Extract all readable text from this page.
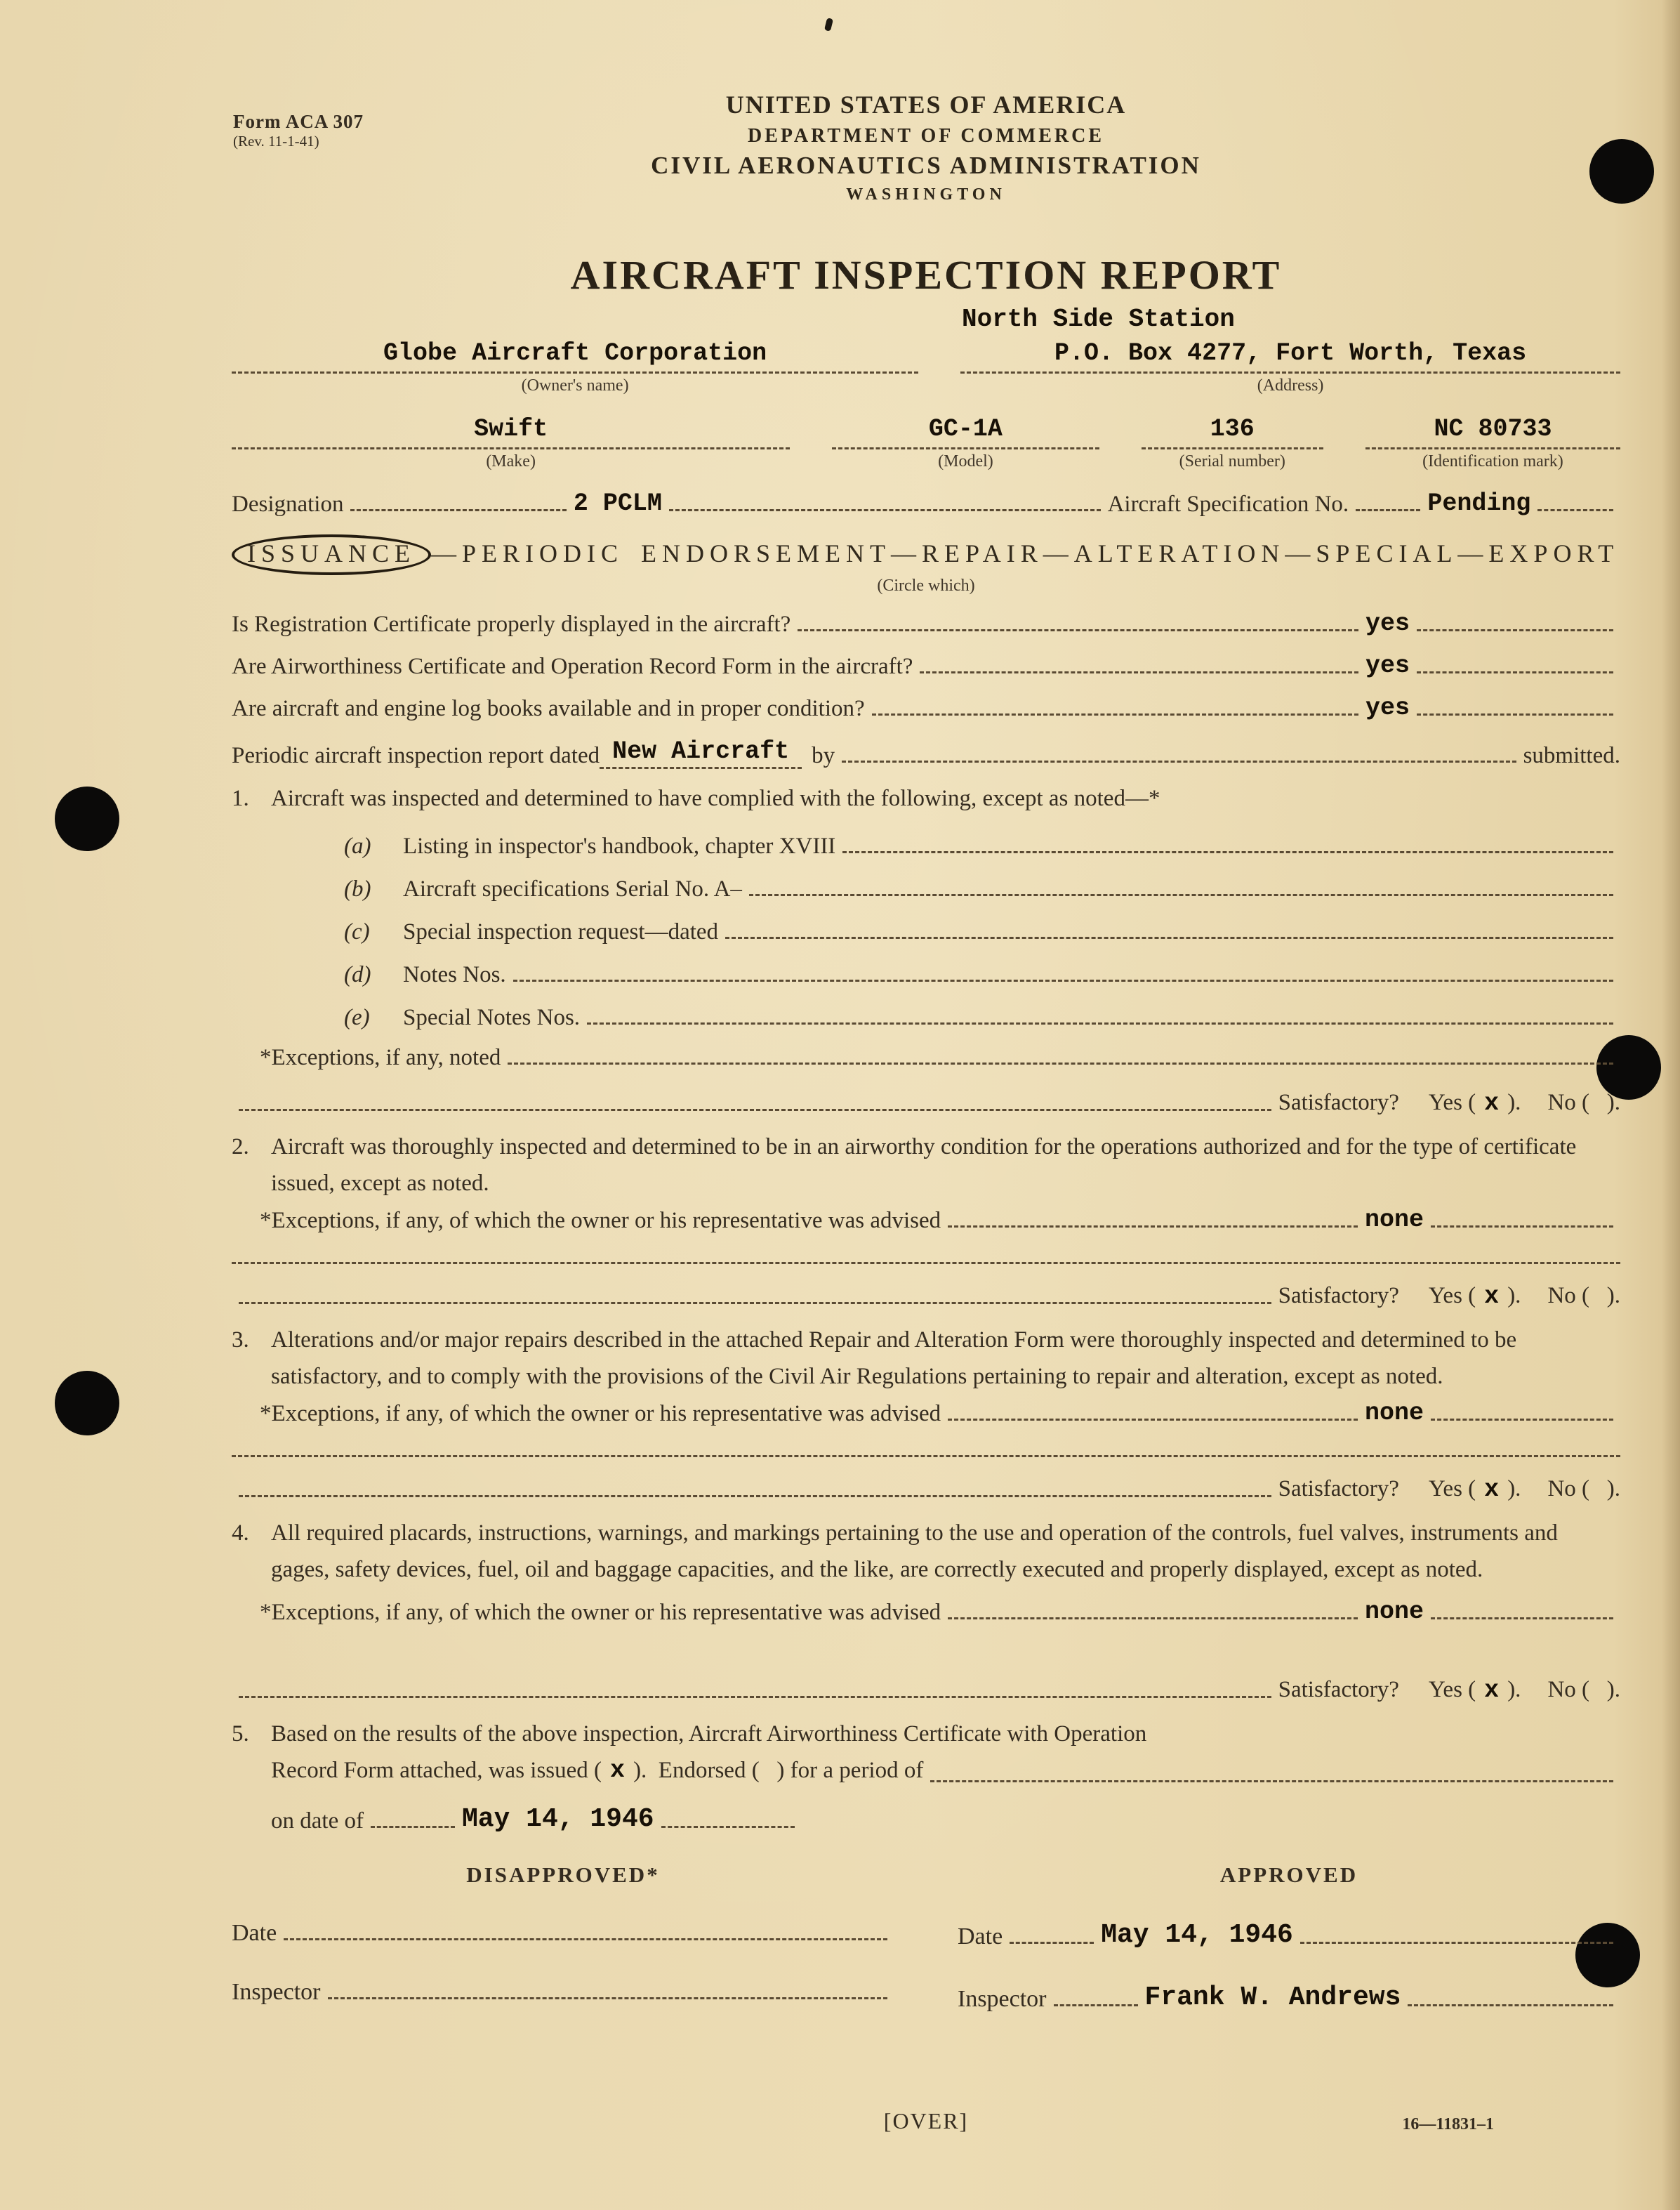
Form ACA 307
(Rev. 11-1-41)
UNITED STATES OF AMERICA
DEPARTMENT OF COMMERCE
CIVIL AERONAUTICS ADMINISTRATION
WASHINGTON
AIRCRAFT INSPECTION REPORT
North Side Station
Globe Aircraft Corporation
(Owner's name)
P.O. Box 4277, Fort Worth, Texas
(Address)
Swift
(Make)
GC-1A
(Model)
136
(Serial number)
NC 80733
(Identification mark)
Designation	2 PCLM	Aircraft Specification No.	Pending
ISSUANCE —PERIODIC ENDORSEMENT—REPAIR—ALTERATION—SPECIAL—EXPORT
(Circle which)
Is Registration Certificate properly displayed in the aircraft?	yes
Are Airworthiness Certificate and Operation Record Form in the aircraft?	yes
Are aircraft and engine log books available and in proper condition?	yes
Periodic aircraft inspection report dated New Aircraft by	submitted.
1. Aircraft was inspected and determined to have complied with the following, except as noted—*
(a)	Listing in inspector's handbook, chapter XVIII
(b)	Aircraft specifications Serial No. A–
(c)	Special inspection request—dated
(d)	Notes Nos.
(e)	Special Notes Nos.
*Exceptions, if any, noted
Satisfactory? Yes ( x ). No (   ).
2. Aircraft was thoroughly inspected and determined to be in an airworthy condition for the operations authorized and for the type of certificate issued, except as noted.
*Exceptions, if any, of which the owner or his representative was advised	none
Satisfactory? Yes ( x ). No (   ).
3. Alterations and/or major repairs described in the attached Repair and Alteration Form were thoroughly inspected and determined to be satisfactory, and to comply with the provisions of the Civil Air Regulations pertaining to repair and alteration, except as noted.
*Exceptions, if any, of which the owner or his representative was advised	none
Satisfactory? Yes ( x ). No (   ).
4. All required placards, instructions, warnings, and markings pertaining to the use and operation of the controls, fuel valves, instruments and gages, safety devices, fuel, oil and baggage capacities, and the like, are correctly executed and properly displayed, except as noted.
*Exceptions, if any, of which the owner or his representative was advised	none
Satisfactory? Yes ( x ). No (   ).
5. Based on the results of the above inspection, Aircraft Airworthiness Certificate with Operation
Record Form attached, was issued ( x ).  Endorsed (   ) for a period of
on date of	May 14, 1946
DISAPPROVED*
Date
Inspector
APPROVED
Date	May 14, 1946
Inspector	Frank W. Andrews
[OVER]	16—11831–1
